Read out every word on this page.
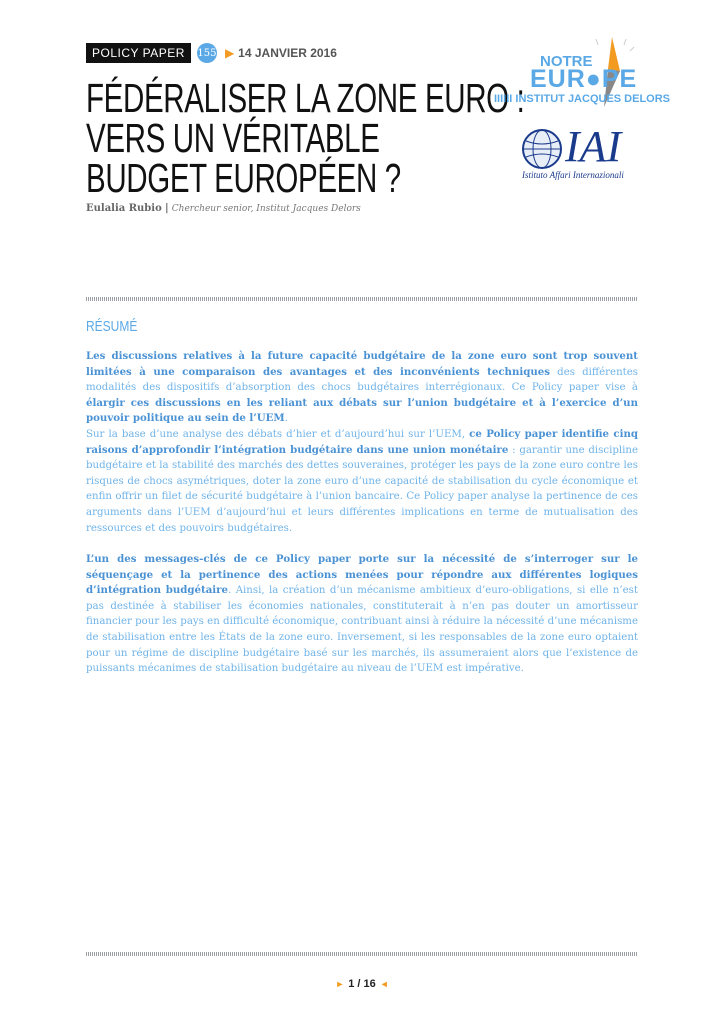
POLICY PAPER	155 ▶ 14 JANVIER 2016
FÉDÉRALISER LA ZONE EURO :
VERS UN VÉRITABLE
BUDGET EUROPÉEN ?
Eulalia Rubio | Chercheur senior, Institut Jacques Delors
NOTRE
EUR●PE
IIIIII INSTITUT JACQUES DELORS
IAI
Istituto Affari Internazionali
RÉSUMÉ
Les discussions relatives à la future capacité budgétaire de la zone euro sont trop souvent limitées à une comparaison des avantages et des inconvénients techniques des différentes modalités des dispositifs d’absorption des chocs budgétaires interrégionaux. Ce Policy paper vise à élargir ces discussions en les reliant aux débats sur l’union budgétaire et à l’exercice d’un pouvoir politique au sein de l’UEM.
Sur la base d’une analyse des débats d’hier et d’aujourd’hui sur l’UEM, ce Policy paper identifie cinq raisons d’approfondir l’intégration budgétaire dans une union monétaire : garantir une discipline budgétaire et la stabilité des marchés des dettes souveraines, protéger les pays de la zone euro contre les risques de chocs asymétriques, doter la zone euro d’une capacité de stabilisation du cycle économique et enfin offrir un filet de sécurité budgétaire à l’union bancaire. Ce Policy paper analyse la pertinence de ces arguments dans l’UEM d’aujourd’hui et leurs différentes implications en terme de mutualisation des ressources et des pouvoirs budgétaires.
L’un des messages-clés de ce Policy paper porte sur la nécessité de s’interroger sur le séquençage et la pertinence des actions menées pour répondre aux différentes logiques d’intégration budgétaire. Ainsi, la création d’un mécanisme ambitieux d’euro-obligations, si elle n’est pas destinée à stabiliser les économies nationales, constituterait à n’en pas douter un amortisseur financier pour les pays en difficulté économique, contribuant ainsi à réduire la nécessité d’une mécanisme de stabilisation entre les États de la zone euro. Inversement, si les responsables de la zone euro optaient pour un régime de discipline budgétaire basé sur les marchés, ils assumeraient alors que l’existence de puissants mécanimes de stabilisation budgétaire au niveau de l’UEM est impérative.
► 1 / 16 ◄
